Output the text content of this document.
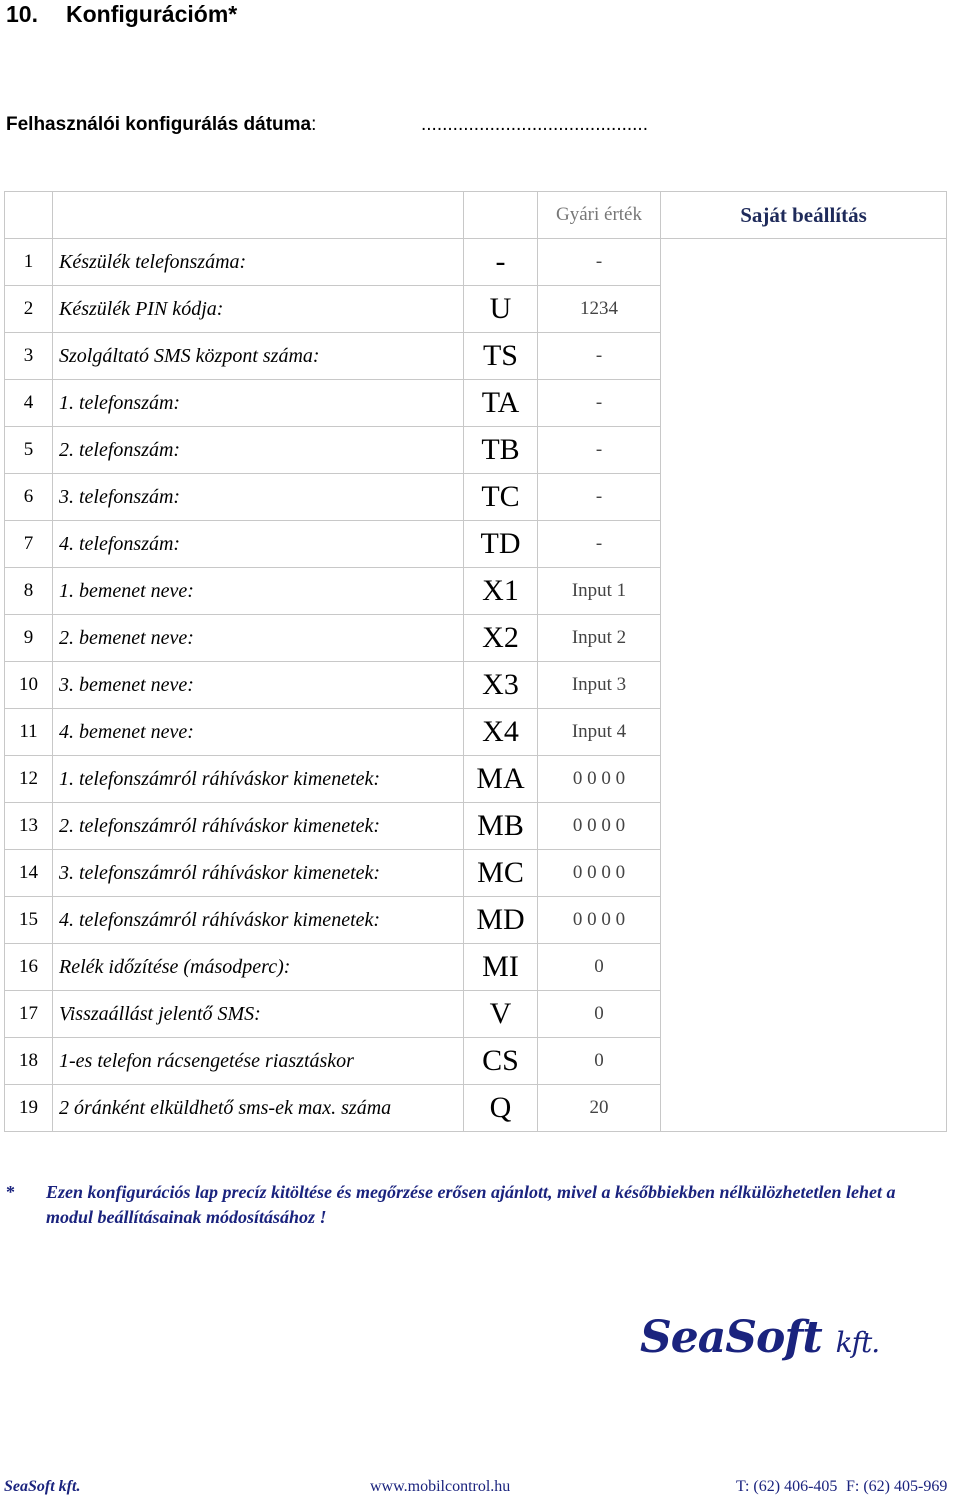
10. Konfigurációm*
Felhasználói konfigurálás dátuma:	...........................................
			Gyári érték	Saját beállítás
1	Készülék telefonszáma:	-	-	
2	Készülék PIN kódja:	U	1234	
3	Szolgáltató SMS központ száma:	TS	-	
4	1. telefonszám:	TA	-	
5	2. telefonszám:	TB	-	
6	3. telefonszám:	TC	-	
7	4. telefonszám:	TD	-	
8	1. bemenet neve:	X1	Input 1	
9	2. bemenet neve:	X2	Input 2	
10	3. bemenet neve:	X3	Input 3	
11	4. bemenet neve:	X4	Input 4	
12	1. telefonszámról ráhíváskor kimenetek:	MA	0 0 0 0	
13	2. telefonszámról ráhíváskor kimenetek:	MB	0 0 0 0	
14	3. telefonszámról ráhíváskor kimenetek:	MC	0 0 0 0	
15	4. telefonszámról ráhíváskor kimenetek:	MD	0 0 0 0	
16	Relék időzítése (másodperc):	MI	0	
17	Visszaállást jelentő SMS:	V	0	
18	1-es telefon rácsengetése riasztáskor	CS	0	
19	2 óránként elküldhető sms-ek max. száma	Q	20	
* Ezen konfigurációs lap precíz kitöltése és megőrzése erősen ajánlott, mivel a későbbiekben nélkülözhetetlen lehet a modul beállításainak módosításához !
SeaSoft kft.
SeaSoft kft.	www.mobilcontrol.hu	T: (62) 406-405 F: (62) 405-969
